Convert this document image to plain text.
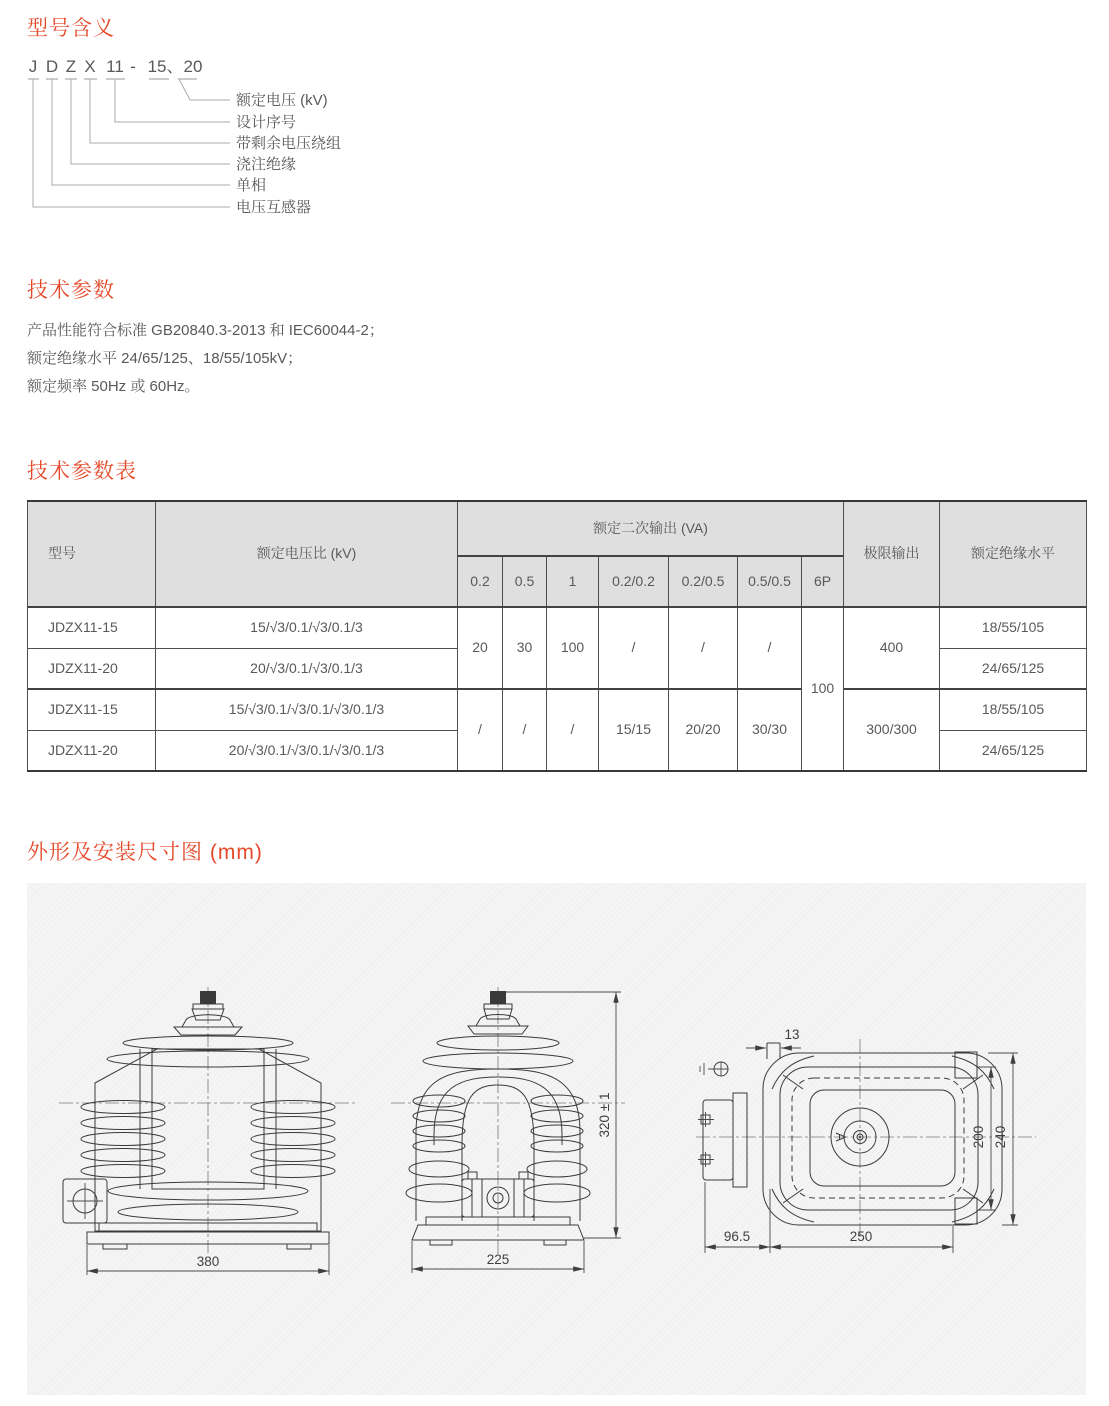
型号含义
J D Z X 11 - 15、20
额定电压 (kV)
设计序号
带剩余电压绕组
浇注绝缘
单相
电压互感器
技术参数
产品性能符合标准 GB20840.3-2013 和 IEC60044-2；
额定绝缘水平 24/65/125、18/55/105kV；
额定频率 50Hz 或 60Hz。
技术参数表
型号	额定电压比 (kV)	额定二次输出 (VA)							极限输出	额定绝缘水平
		0.2	0.5	1	0.2/0.2	0.2/0.5	0.5/0.5	6P		
JDZX11-15	15/√3/0.1/√3/0.1/3	20	30	100	/	/	/	100	400	18/55/105
JDZX11-20	20/√3/0.1/√3/0.1/3									24/65/125
JDZX11-15	15/√3/0.1/√3/0.1/√3/0.1/3	/	/	/	15/15	20/20	30/30		300/300	18/55/105
JDZX11-20	20/√3/0.1/√3/0.1/√3/0.1/3									24/65/125
外形及安装尺寸图 (mm)
380	225
320 ± 1	A
13
200 240
96.5	250
